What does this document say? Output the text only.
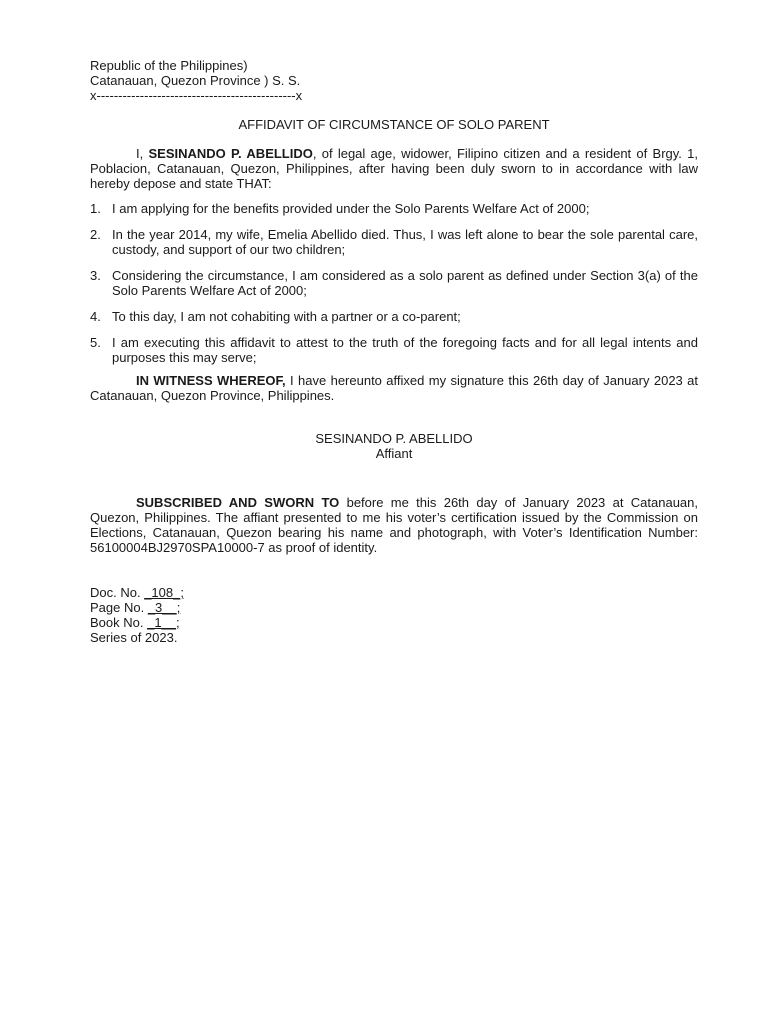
Republic of the Philippines)
Catanauan, Quezon Province ) S. S.
x----------------------------------------------x
AFFIDAVIT OF CIRCUMSTANCE OF SOLO PARENT
I, SESINANDO P. ABELLIDO, of legal age, widower, Filipino citizen and a resident of Brgy. 1, Poblacion, Catanauan, Quezon, Philippines, after having been duly sworn to in accordance with law hereby depose and state THAT:
1. I am applying for the benefits provided under the Solo Parents Welfare Act of 2000;
2. In the year 2014, my wife, Emelia Abellido died. Thus, I was left alone to bear the sole parental care, custody, and support of our two children;
3. Considering the circumstance, I am considered as a solo parent as defined under Section 3(a) of the Solo Parents Welfare Act of 2000;
4. To this day, I am not cohabiting with a partner or a co-parent;
5. I am executing this affidavit to attest to the truth of the foregoing facts and for all legal intents and purposes this may serve;
IN WITNESS WHEREOF, I have hereunto affixed my signature this 26th day of January 2023 at Catanauan, Quezon Province, Philippines.
SESINANDO P. ABELLIDO
Affiant
SUBSCRIBED AND SWORN TO before me this 26th day of January 2023 at Catanauan, Quezon, Philippines. The affiant presented to me his voter’s certification issued by the Commission on Elections, Catanauan, Quezon bearing his name and photograph, with Voter’s Identification Number: 56100004BJ2970SPA10000-7 as proof of identity.
Doc. No. _108_;
Page No. _3__;
Book No. _1__;
Series of 2023.
